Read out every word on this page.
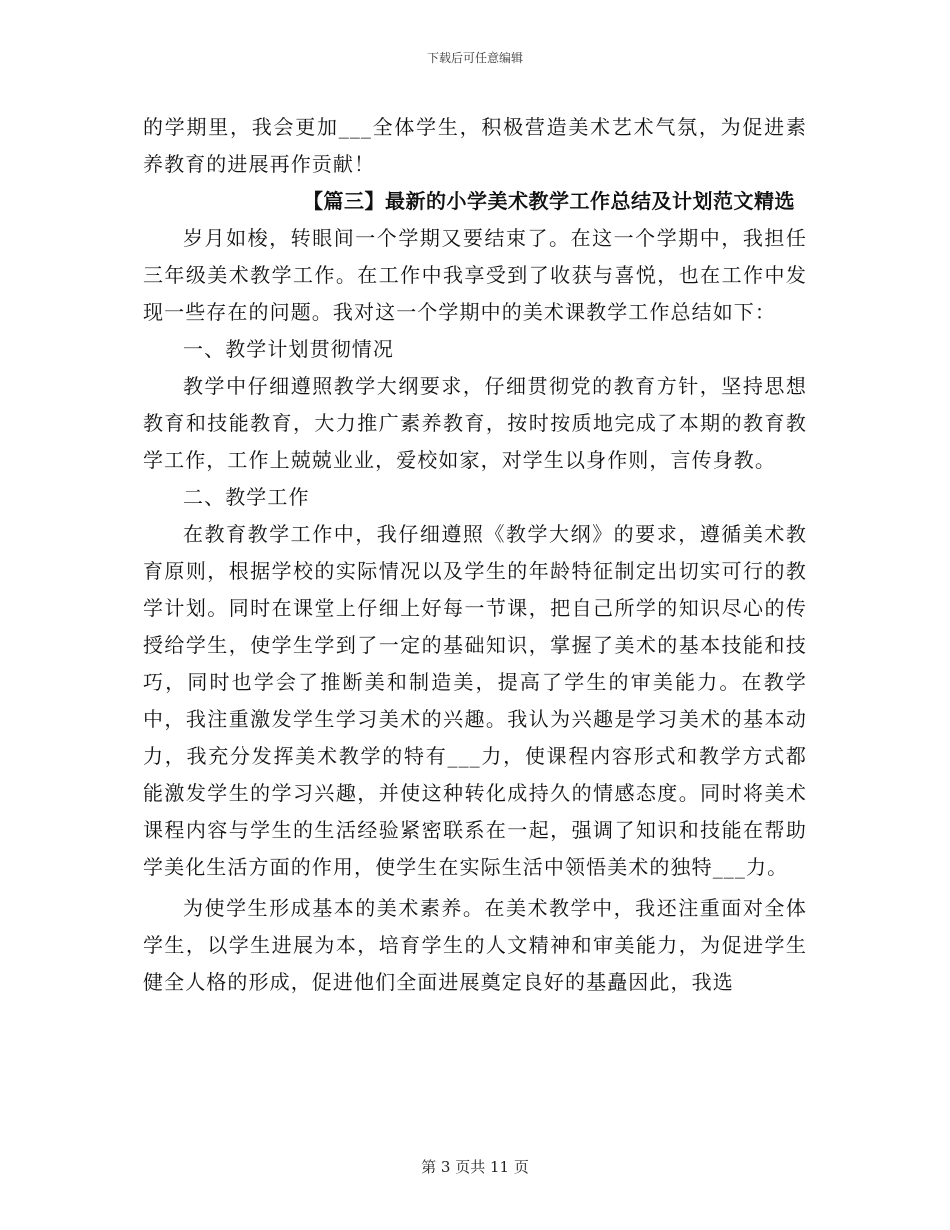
下载后可任意编辑

的学期里，我会更加___全体学生，积极营造美术艺术气氛，为促进素养教育的进展再作贡献！

【篇三】最新的小学美术教学工作总结及计划范文精选

岁月如梭，转眼间一个学期又要结束了。在这一个学期中，我担任三年级美术教学工作。在工作中我享受到了收获与喜悦，也在工作中发现一些存在的问题。我对这一个学期中的美术课教学工作总结如下：

一、教学计划贯彻情况

教学中仔细遵照教学大纲要求，仔细贯彻党的教育方针，坚持思想教育和技能教育，大力推广素养教育，按时按质地完成了本期的教育教学工作，工作上兢兢业业，爱校如家，对学生以身作则，言传身教。

二、教学工作

在教育教学工作中，我仔细遵照《教学大纲》的要求，遵循美术教育原则，根据学校的实际情况以及学生的年龄特征制定出切实可行的教学计划。同时在课堂上仔细上好每一节课，把自己所学的知识尽心的传授给学生，使学生学到了一定的基础知识，掌握了美术的基本技能和技巧，同时也学会了推断美和制造美，提高了学生的审美能力。在教学中，我注重激发学生学习美术的兴趣。我认为兴趣是学习美术的基本动力，我充分发挥美术教学的特有___力，使课程内容形式和教学方式都能激发学生的学习兴趣，并使这种转化成持久的情感态度。同时将美术课程内容与学生的生活经验紧密联系在一起，强调了知识和技能在帮助学美化生活方面的作用，使学生在实际生活中领悟美术的独特___力。

为使学生形成基本的美术素养。在美术教学中，我还注重面对全体学生，以学生进展为本，培育学生的人文精神和审美能力，为促进学生健全人格的形成，促进他们全面进展奠定良好的基矗因此，我选

第 3 页共 11 页
